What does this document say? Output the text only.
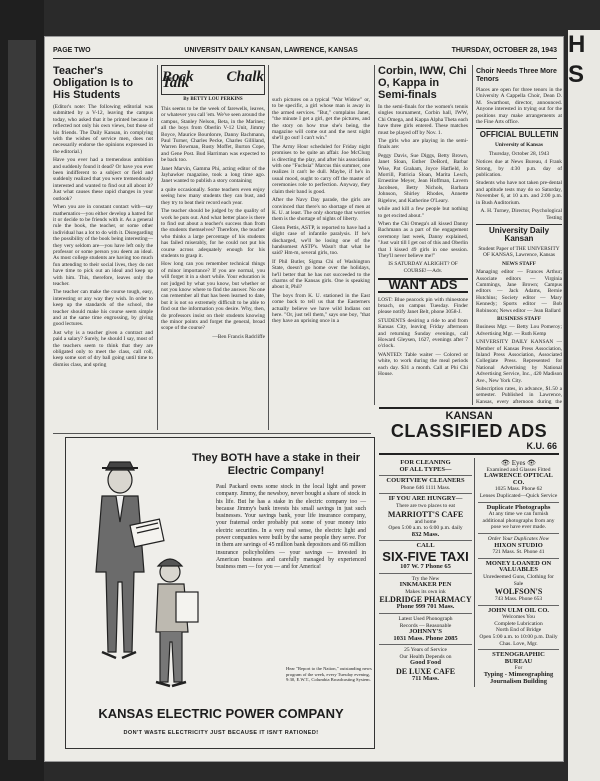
PAGE TWO	UNIVERSITY DAILY KANSAN, LAWRENCE, KANSAS	THURSDAY, OCTOBER 28, 1943
Teacher's Obligation Is to His Students

(Editor's note: The following editorial was submitted by a V-12, leaving the campus today, who asked that it be printed because it reflected not only his own views, but those of his friends. The Daily Kansan, in complying with the wishes of service men, does not necessarily endorse the opinions expressed in the editorial.)

Have you ever had a tremendous ambition and suddenly found it dead? Or have you ever been indifferent to a subject or field and suddenly realized that you were tremendously interested and wanted to find out all about it? Just what causes these rapid changes in your outlook?

When you are in constant contact with—say mathematics—you either develop a hatred for it or decide to be friends with it. As a general rule the book, the teacher, or some other individual has a lot to do with it. Disregarding the possibility of the book being interesting—they very seldom are—you have left only the professor or some person you deem an ideal. As most college students are having too much fun attending to their social lives, they do not have time to pick out an ideal and keep up with him. This, therefore, leaves only the teacher.

The teacher can make the course tough, easy, interesting or any way they wish. In order to keep up the standards of the school, the teacher should make his course seem simple and at the same time engrossing, by giving good lectures.

Just why is a teacher given a contract and paid a salary? Surely, he should I say, most of the teachers seem to think that they are obligated only to meet the class, call roll, keep some sort of dry ball going until time to dismiss class, and spring

Rock Chalk Talk
By BETTY LOU PERKINS

This seems to be the week of farewells, leaves, or whatever you call 'em. We've seen around the campus, Stanley Nelson, Beta, in the Marines; all the boys from Oberlin V-12 Unit, Jimmy Boyce, Maurice Bourdonre, Danny Bachmann, Paul Turner, Charles Pecke, Charles Gilliland, Warren Bowman, Rusty Moffet, Burton Cope, and Gene Post. Bud Harriman was expected to be back too.

Janet Marvin, Gamma Phi, acting editor of the Jayhawker magazine, took a long time ago. Janet wanted to publish a story containing

a quite occasionally. Some teachers even enjoy seeing how many students they can bust, and they try to beat their record each year.

The teacher should be judged by the quality of work he puts out. And what better place is there to find out about a teacher's success than from the students themselves? Therefore, the teacher who thinks a large percentage of his students has failed miserably, for he could not put his course across adequately enough for his students to grasp it.

How long can you remember technical things of minor importance? If you are normal, you will forget it in a short while. Your education is not judged by what you know, but whether or not you know where to find the answer. No one can remember all that has been learned to date, but it is not so extremely difficult to be able to find out the information you desire. Why, then, do professors insist on their students knowing the minor points and forget the general, broad scope of the course?

—Ben Francis Radcliffe

such pictures on a typical "War Widow" or, to be specific, a girl whose man is away in the armed services. "But," complains Janet, "the minute I get a girl, get the pictures, and the story on how true she's being, the magazine will come out and the next night she'll go out! I can't win."

The Army Hour scheduled for Friday night promises to be quite an affair. Joe McClurg is directing the play, and after his association with one "Fuchsia" Marcus this summer, one realizes it can't be dull. Maybe, if he's in usual mood, ought to carry off the master of ceremonies role to perfection. Anyway, they claim their band is good.

After the Navy Day parade, the girls are convinced that there's no shortage of men at K. U. at least. The only shortage that worries them is the shortage of nights of liberty.

Glenn Pettis, ASTP, is reported to have had a slight case of infantile paralysis. If he's discharged, we'll be losing one of the handsomest ASTP's. Wasn't that what he said? Hm-m, several girls, too.

If Phil Butler, Sigma Chi of Washington State, doesn't go home over the holidays, he'll better that he has not succeeded to the charms of the Kansas girls. One is speaking about it, Phil?

The boys from K. U. stationed in the East come back to tell us that the Easterners actually believe we have wild Indians out here. "Or, just tell them," says one boy, "that they have an uprising once in a

Corbin, IWW, Chi O, Kappa in Semi-finals

In the semi-finals for the women's tennis singles tournament, Corbin hall, IWW, Chi Omega, and Kappa Alpha Theta each have three girls entered. These matches must be played off by Nov. 1.

The girls who are playing in the semi-finals are:

Peggy Davis, Sue Diggs, Betty Brown, Janet Sloan, Esther DeBord, Barbar Wise, Pat Graham, Joyce Hatfield, Jo Morrill, Patricia Sloan, Marita Lesch, Ernestine Meyer, Jean Hoffman, Lavern Jacobsen, Betty Nichols, Barbara Johnson, Shirley Rhodes, Annette Rigelow, and Katherine O'Leary.

while and kill a few people but nothing to get excited about."

When the Chi Omega's all kissed Danny Bachmann as a part of the engagement ceremony last week, Danny explained, "Just wait till I get out of this and Oberlin that I kissed 49 girls in one session. They'll never believe me!"

IS SATURDAY ALRIGHT? OF COURSE!—Adv.

WANT ADS

LOST: Blue peacock pin with rhinestone broach, on campus Tuesday. Finder please notify Janet Belt, phone 3058-J.

STUDENTS desiring a ride to and from Kansas City, leaving Friday afternoon and returning Sunday evenings, call Howard Gleysen, 1627, evenings after 7 o'clock.

WANTED: Table waiter — Colored or white, to work during the meal periods each day. $31 a month. Call at Phi Chi House.

Choir Needs Three More Tenors

Places are open for three tenors in the University A Cappella Choir, Dean D. M. Swarthout, director, announced. Anyone interested in trying out for the positions may make arrangements at the Fine Arts office.

OFFICIAL BULLETIN

University of Kansas

Thursday, October 28, 1943

Notices due at News Bureau, 4 Frank Strong, by 4:30 p.m. day of publication.

Students who have not taken pre-dental and aptitude tests may do so Saturday, November 6, at 10 a.m. and 2:00 p.m. in Bush Auditorium.

A. H. Turney, Director, Psychological Testing

University Daily Kansan

Student Paper of THE UNIVERSITY OF KANSAS, Lawrence, Kansas

NEWS STAFF

Managing editor — Frances Arthur; Associate editors — Virginia Cummings, Jane Brown; Campus editors — Jack Adams, Bernie Hutchins; Society editor — Mary Kennedy; Sports editor — Bob Robinson; News editor — Jean Ballard

BUSINESS STAFF

Business Mgr. — Betty Lou Pomeroy; Advertising Mgr. — Ruth Kemp

UNIVERSITY DAILY KANSAN — Member of Kansas Press Association, Inland Press Association, Associated Collegiate Press. Represented for National Advertising by National Advertising Service, Inc., 420 Madison Ave., New York City.

Subscription rates, in advance, $1.50 a semester. Published in Lawrence, Kansas, every afternoon during the

They BOTH have a stake in their Electric Company!
Paul Packard owns some stock in the local light and power company. Jimmy, the newsboy, never bought a share of stock in his life. But he has a stake in the electric company too — because Jimmy's bank invests his small savings in just such businesses. Your savings bank, your life insurance company, your fraternal order probably put some of your money into electric securities. In a very real sense, the electric light and power companies were built by the same people they serve. For in them are savings of 45 million bank depositors and 66 million insurance policyholders — your savings — invested in American business and carefully managed by experienced business men — for you — and for America!
Hear "Report to the Nation," outstanding news program of the week, every Tuesday evening, 9:30, E.W.T., Columbia Broadcasting System.
KANSAS ELECTRIC POWER COMPANY
DON'T WASTE ELECTRICITY JUST BECAUSE IT ISN'T RATIONED!
KANSAN
CLASSIFIED ADS
K.U. 66
FOR CLEANING
OF ALL TYPES—
COURTVIEW CLEANERS
Phone 646 1111 Mass.
IF YOU ARE HUNGRY—
There are two places to eat
MARRIOTT'S CAFE
and home
Open 5:00 a.m. to 6:00 p.m. daily
832 Mass.
CALL
SIX-FIVE TAXI
107 W. 7 Phone 65
Try the New
INKMAKER PEN
Makes its own ink
ELDRIDGE PHARMACY
Phone 999 701 Mass.
Latest Used Phonograph
Records — Reasonable
JOHNNY'S
1031 Mass. Phone 2085
25 Years of Service
Our Health Depends on
Good Food
DE LUXE CAFE
711 Mass.
👁 Eyes 👁
Examined and Glasses Fitted
LAWRENCE OPTICAL CO.
1025 Mass. Phone 62
Lenses Duplicated—Quick Service
Duplicate Photographs
At any time we can furnish additional photographs from any pose we have ever made.
Order Your Duplicates Now
HIXON STUDIO
721 Mass. St. Phone 41
MONEY LOANED ON VALUABLES
Unredeemed Guns, Clothing for Sale
WOLFSON'S
743 Mass. Phone 653
JOHN ULM OIL CO.
Welcomes You
Complete Lubrication
North End of Bridge
Open 5:00 a.m. to 10:00 p.m. Daily
Chas. Love, Mgr.
STENOGRAPHIC BUREAU
For
Typing - Mimeographing
Journalism Building
H S
